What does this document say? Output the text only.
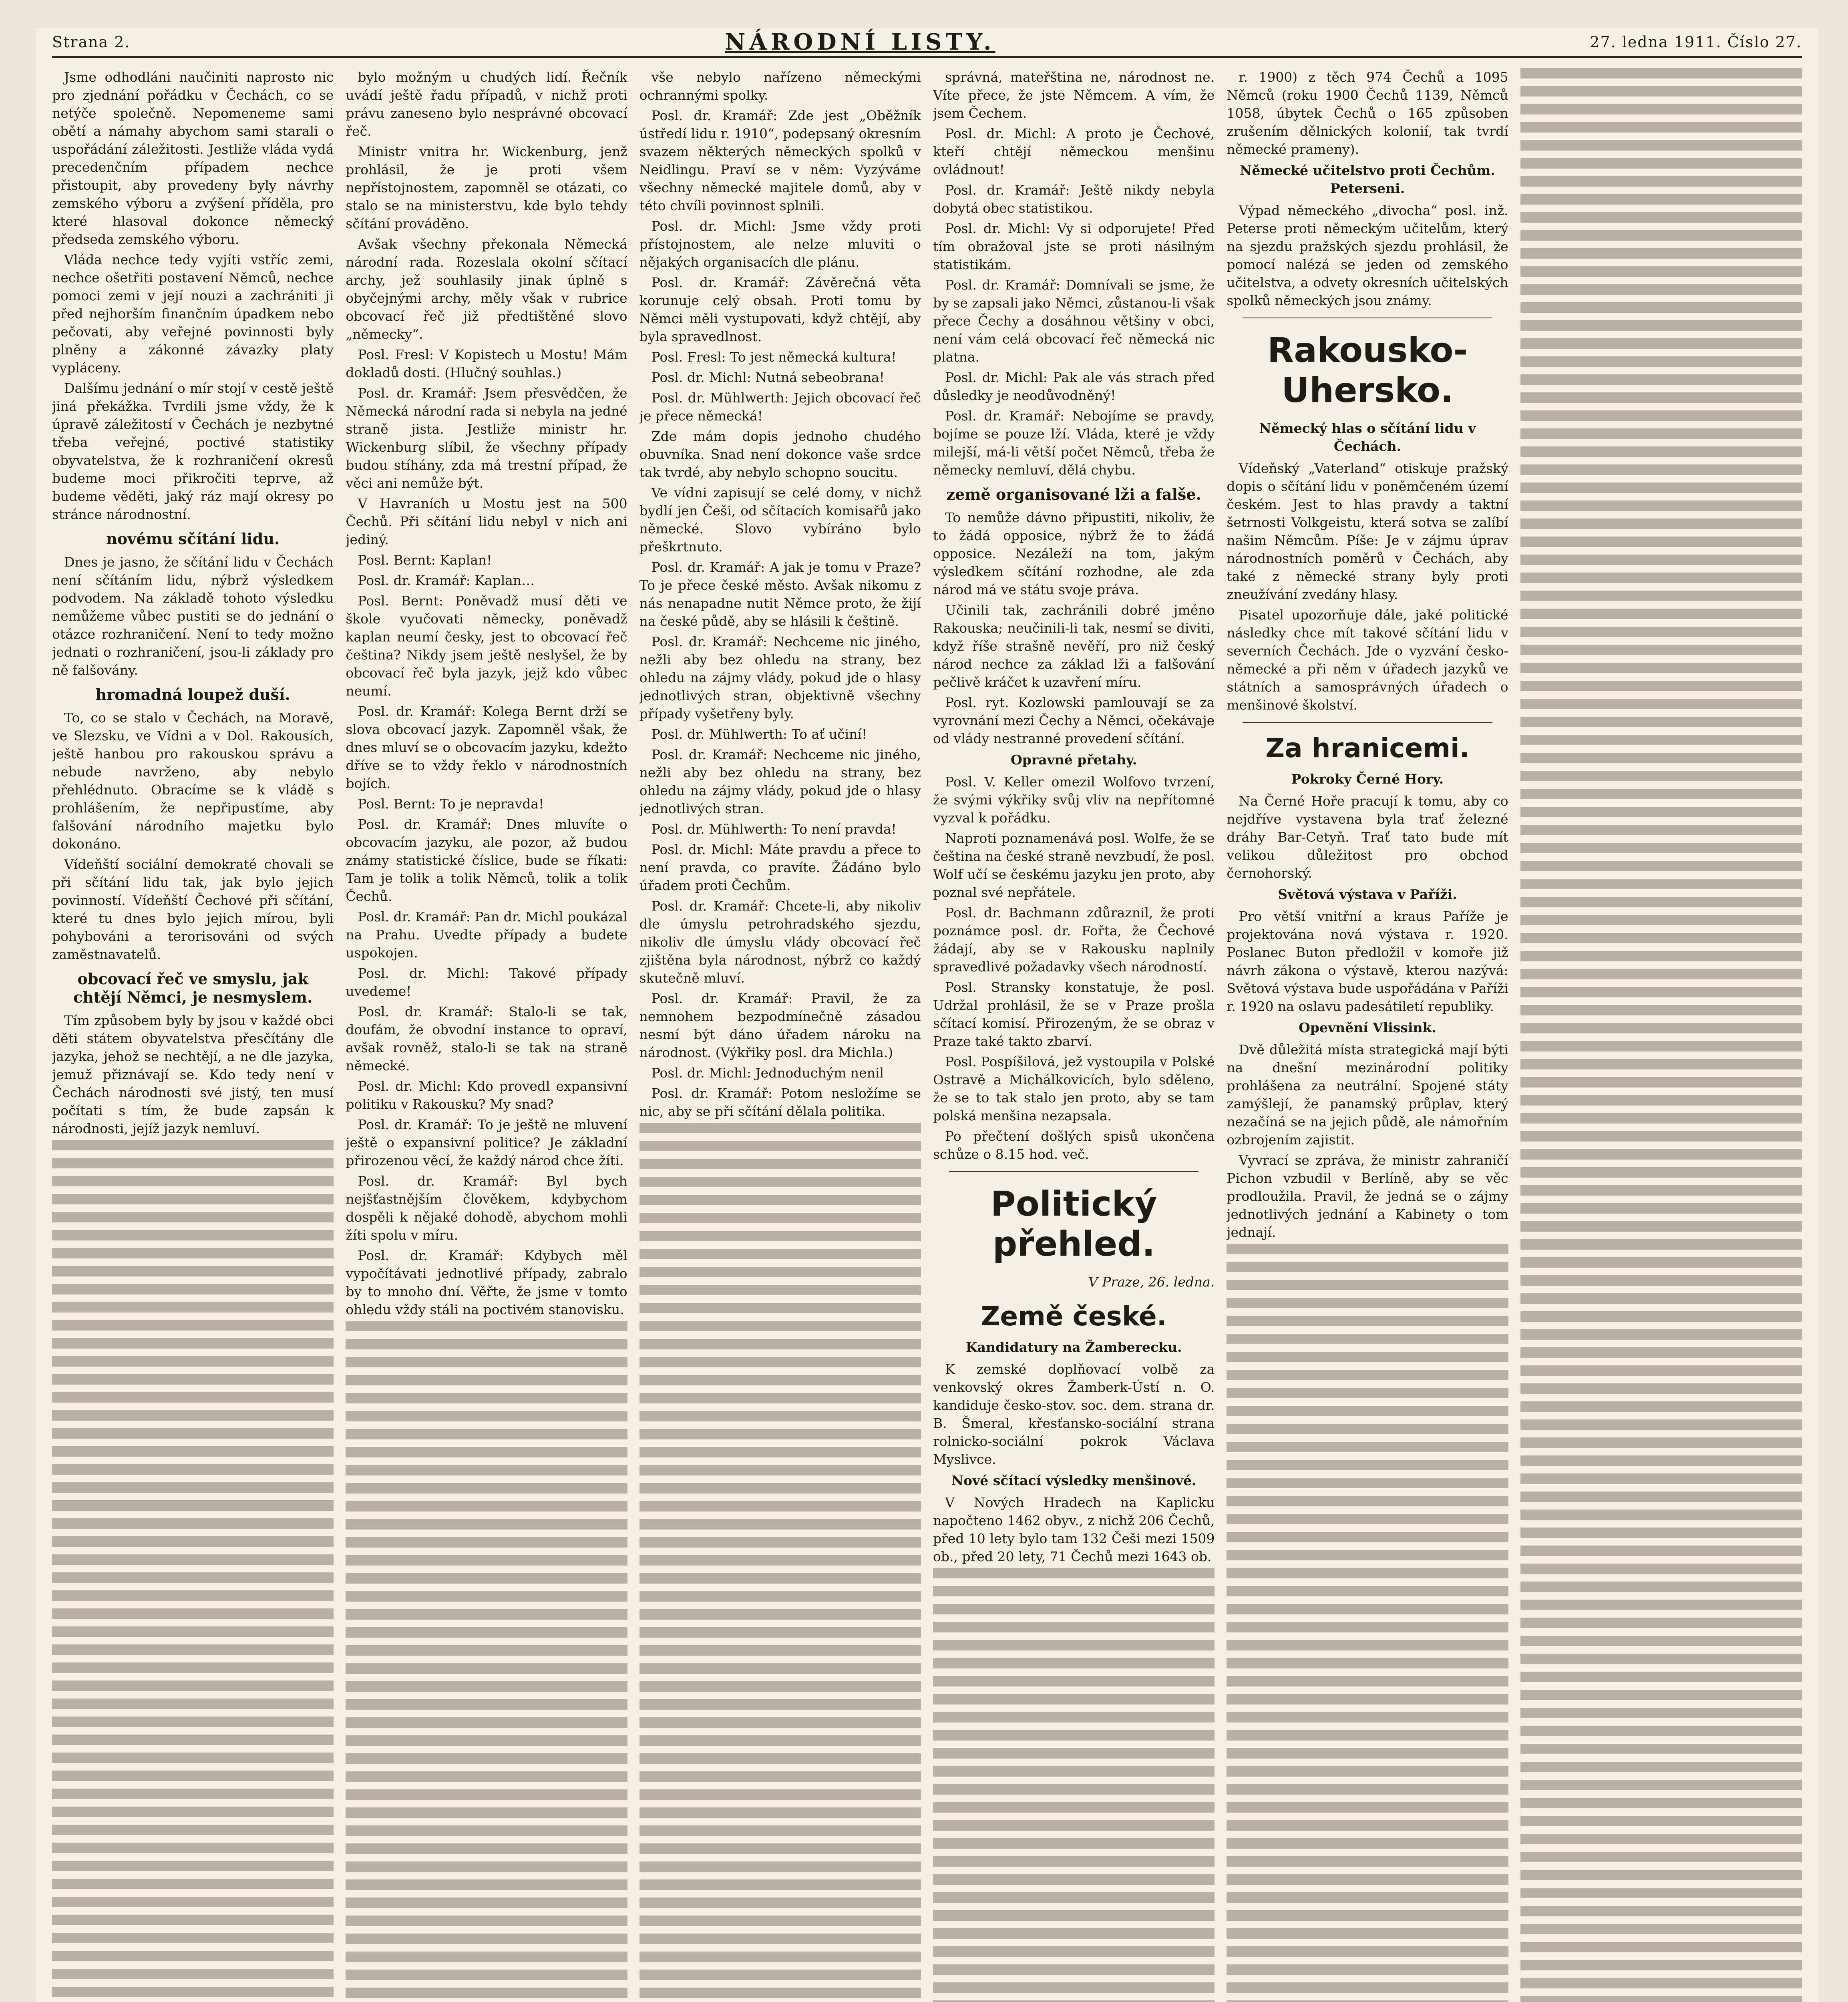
Strana 2.	NÁRODNÍ LISTY.	27. ledna 1911. Číslo 27.

Jsme odhodláni naučiniti naprosto nic pro zjednání pořádku v Čechách, co se netýče společně. Nepomeneme sami obětí a námahy abychom sami starali o uspořádání záležitosti. Jestliže vláda vydá precedenčním případem nechce přistoupit, aby provedeny byly návrhy zemského výboru a zvýšení příděla, pro které hlasoval dokonce německý předseda zemského výboru.

Vláda nechce tedy vyjíti vstříc zemi, nechce ošetřiti postavení Němců, nechce pomoci zemi v její nouzi a zachrániti ji před nejhorším finančním úpadkem nebo pečovati, aby veřejné povinnosti byly plněny a zákonné závazky platy vypláceny.

Dalšímu jednání o mír stojí v cestě ještě jiná překážka. Tvrdili jsme vždy, že k úpravě záležitostí v Čechách je nezbytné třeba veřejné, poctivé statistiky obyvatelstva, že k rozhraničení okresů budeme moci přikročiti teprve, až budeme věděti, jaký ráz mají okresy po stránce národnostní.

novému sčítání lidu.

Dnes je jasno, že sčítání lidu v Čechách není sčítáním lidu, nýbrž výsledkem podvodem. Na základě tohoto výsledku nemůžeme vůbec pustiti se do jednání o otázce rozhraničení. Není to tedy možno jednati o rozhraničení, jsou-li základy pro ně falšovány.

hromadná loupež duší.

To, co se stalo v Čechách, na Moravě, ve Slezsku, ve Vídni a v Dol. Rakousích, ještě hanbou pro rakouskou správu a nebude navrženo, aby nebylo přehlédnuto. Obracíme se k vládě s prohlášením, že nepřipustíme, aby falšování národního majetku bylo dokonáno.

Vídeňští sociální demokraté chovali se při sčítání lidu tak, jak bylo jejich povinností. Vídeňští Čechové při sčítání, které tu dnes bylo jejich mírou, byli pohybováni a terorisováni od svých zaměstnavatelů.

obcovací řeč ve smyslu, jak chtějí Němci, je nesmyslem.

Tím způsobem byly by jsou v každé obci děti státem obyvatelstva přesčítány dle jazyka, jehož se nechtějí, a ne dle jazyka, jemuž přiznávají se. Kdo tedy není v Čechách národnosti své jistý, ten musí počítati s tím, že bude zapsán k národnosti, jejíž jazyk nemluví.

bylo možným u chudých lidí. Řečník uvádí ještě řadu případů, v nichž proti právu zaneseno bylo nesprávné obcovací řeč.

Ministr vnitra hr. Wickenburg, jenž prohlásil, že je proti všem nepřístojnostem, zapomněl se otázati, co stalo se na ministerstvu, kde bylo tehdy sčítání prováděno.

Avšak všechny překonala Německá národní rada. Rozeslala okolní sčítací archy, jež souhlasily jinak úplně s obyčejnými archy, měly však v rubrice obcovací řeč již předtištěné slovo „německy“.

Posl. Fresl: V Kopistech u Mostu! Mám dokladů dosti. (Hlučný souhlas.)

Posl. dr. Kramář: Jsem přesvědčen, že Německá národní rada si nebyla na jedné straně jista. Jestliže ministr hr. Wickenburg slíbil, že všechny případy budou stíhány, zda má trestní případ, že věci ani nemůže být.

V Havraních u Mostu jest na 500 Čechů. Při sčítání lidu nebyl v nich ani jediný.

Posl. Bernt: Kaplan!

Posl. dr. Kramář: Kaplan…

Posl. Bernt: Poněvadž musí děti ve škole vyučovati německy, poněvadž kaplan neumí česky, jest to obcovací řeč čeština? Nikdy jsem ještě neslyšel, že by obcovací řeč byla jazyk, jejž kdo vůbec neumí.

Posl. dr. Kramář: Kolega Bernt drží se slova obcovací jazyk. Zapomněl však, že dnes mluví se o obcovacím jazyku, kdežto dříve se to vždy řeklo v národnostních bojích.

Posl. Bernt: To je nepravda!

Posl. dr. Kramář: Dnes mluvíte o obcovacím jazyku, ale pozor, až budou známy statistické číslice, bude se říkati: Tam je tolik a tolik Němců, tolik a tolik Čechů.

Posl. dr. Kramář: Pan dr. Michl poukázal na Prahu. Uvedte případy a budete uspokojen.

Posl. dr. Michl: Takové případy uvedeme!

Posl. dr. Kramář: Stalo-li se tak, doufám, že obvodní instance to opraví, avšak rovněž, stalo-li se tak na straně německé.

Posl. dr. Michl: Kdo provedl expansivní politiku v Rakousku? My snad?

Posl. dr. Kramář: To je ještě ne mluvení ještě o expansivní politice? Je základní přirozenou věcí, že každý národ chce žíti.

Posl. dr. Kramář: Byl bych nejšťastnějším člověkem, kdybychom dospěli k nějaké dohodě, abychom mohli žíti spolu v míru.

Posl. dr. Kramář: Kdybych měl vypočítávati jednotlivé případy, zabralo by to mnoho dní. Věřte, že jsme v tomto ohledu vždy stáli na poctivém stanovisku.

vše nebylo nařízeno německými ochrannými spolky.

Posl. dr. Kramář: Zde jest „Oběžník ústředí lidu r. 1910“, podepsaný okresním svazem některých německých spolků v Neidlingu. Praví se v něm: Vyzýváme všechny německé majitele domů, aby v této chvíli povinnost splnili.

Posl. dr. Michl: Jsme vždy proti přístojnostem, ale nelze mluviti o nějakých organisacích dle plánu.

Posl. dr. Kramář: Závěrečná věta korunuje celý obsah. Proti tomu by Němci měli vystupovati, když chtějí, aby byla spravedlnost.

Posl. Fresl: To jest německá kultura!

Posl. dr. Michl: Nutná sebeobrana!

Posl. dr. Mühlwerth: Jejich obcovací řeč je přece německá!

Zde mám dopis jednoho chudého obuvníka. Snad není dokonce vaše srdce tak tvrdé, aby nebylo schopno soucitu.

Ve vídni zapisují se celé domy, v nichž bydlí jen Češi, od sčítacích komisařů jako německé. Slovo vybíráno bylo přeškrtnuto.

Posl. dr. Kramář: A jak je tomu v Praze? To je přece české město. Avšak nikomu z nás nenapadne nutit Němce proto, že žijí na české půdě, aby se hlásili k češtině.

Posl. dr. Kramář: Nechceme nic jiného, nežli aby bez ohledu na strany, bez ohledu na zájmy vlády, pokud jde o hlasy jednotlivých stran, objektivně všechny případy vyšetřeny byly.

Posl. dr. Mühlwerth: To ať učiní!

Posl. dr. Kramář: Nechceme nic jiného, nežli aby bez ohledu na strany, bez ohledu na zájmy vlády, pokud jde o hlasy jednotlivých stran.

Posl. dr. Mühlwerth: To není pravda!

Posl. dr. Michl: Máte pravdu a přece to není pravda, co pravíte. Žádáno bylo úřadem proti Čechům.

Posl. dr. Kramář: Chcete-li, aby nikoliv dle úmyslu petrohradského sjezdu, nikoliv dle úmyslu vlády obcovací řeč zjištěna byla národnost, nýbrž co každý skutečně mluví.

Posl. dr. Kramář: Pravil, že za nemnohem bezpodmínečně zásadou nesmí být dáno úřadem nároku na národnost. (Výkřiky posl. dra Michla.)

Posl. dr. Michl: Jednoduchým nenil

Posl. dr. Kramář: Potom nesložíme se nic, aby se při sčítání dělala politika.

správná, mateřština ne, národnost ne. Víte přece, že jste Němcem. A vím, že jsem Čechem.

Posl. dr. Michl: A proto je Čechové, kteří chtějí německou menšinu ovládnout!

Posl. dr. Kramář: Ještě nikdy nebyla dobytá obec statistikou.

Posl. dr. Michl: Vy si odporujete! Před tím obražoval jste se proti násilným statistikám.

Posl. dr. Kramář: Domnívali se jsme, že by se zapsali jako Němci, zůstanou-li však přece Čechy a dosáhnou většiny v obci, není vám celá obcovací řeč německá nic platna.

Posl. dr. Michl: Pak ale vás strach před důsledky je neodůvodněný!

Posl. dr. Kramář: Nebojíme se pravdy, bojíme se pouze lží. Vláda, které je vždy milejší, má-li větší počet Němců, třeba že německy nemluví, dělá chybu.

země organisované lži a falše.

To nemůže dávno připustiti, nikoliv, že to žádá opposice, nýbrž že to žádá opposice. Nezáleží na tom, jakým výsledkem sčítání rozhodne, ale zda národ má ve státu svoje práva.

Učinili tak, zachránili dobré jméno Rakouska; neučinili-li tak, nesmí se diviti, když říše strašně nevěří, pro niž český národ nechce za základ lži a falšování pečlivě kráčet k uzavření míru.

Posl. ryt. Kozlowski pamlouvají se za vyrovnání mezi Čechy a Němci, očekávaje od vlády nestranné provedení sčítání.

Opravné přetahy.

Posl. V. Keller omezil Wolfovo tvrzení, že svými výkřiky svůj vliv na nepřítomné vyzval k pořádku.

Naproti poznamenává posl. Wolfe, že se čeština na české straně nevzbudí, že posl. Wolf učí se českému jazyku jen proto, aby poznal své nepřátele.

Posl. dr. Bachmann zdůraznil, že proti poznámce posl. dr. Fořta, že Čechové žádají, aby se v Rakousku naplnily spravedlivé požadavky všech národností.

Posl. Stransky konstatuje, že posl. Udržal prohlásil, že se v Praze prošla sčítací komisí. Přirozeným, že se obraz v Praze také takto zbarví.

Posl. Pospíšilová, jež vystoupila v Polské Ostravě a Michálkovicích, bylo sděleno, že se to tak stalo jen proto, aby se tam polská menšina nezapsala.

Po přečtení došlých spisů ukončena schůze o 8.15 hod. več.

Politický přehled.
V Praze, 26. ledna.
Země české.
Kandidatury na Žamberecku.

K zemské doplňovací volbě za venkovský okres Žamberk-Ústí n. O. kandiduje česko-stov. soc. dem. strana dr. B. Šmeral, křesťansko-sociální strana rolnicko-sociální pokrok Václava Myslivce.

Nové sčítací výsledky menšinové.

V Nových Hradech na Kaplicku napočteno 1462 obyv., z nichž 206 Čechů, před 10 lety bylo tam 132 Češi mezi 1509 ob., před 20 lety, 71 Čechů mezi 1643 ob.

r. 1900) z těch 974 Čechů a 1095 Němců (roku 1900 Čechů 1139, Němců 1058, úbytek Čechů o 165 způsoben zrušením dělnických kolonií, tak tvrdí německé prameny).

Německé učitelstvo proti Čechům. Peterseni.

Výpad německého „divocha“ posl. inž. Peterse proti německým učitelům, který na sjezdu pražských sjezdu prohlásil, že pomocí nalézá se jeden od zemského učitelstva, a odvety okresních učitelských spolků německých jsou známy.

Rakousko-Uhersko.
Německý hlas o sčítání lidu v Čechách.

Vídeňský „Vaterland“ otiskuje pražský dopis o sčítání lidu v poněmčeném území českém. Jest to hlas pravdy a taktní šetrnosti Volkgeistu, která sotva se zalíbí našim Němcům. Píše: Je v zájmu úprav národnostních poměrů v Čechách, aby také z německé strany byly proti zneužívání zvedány hlasy.

Pisatel upozorňuje dále, jaké politické následky chce mít takové sčítání lidu v severních Čechách. Jde o vyzvání česko-německé a při něm v úřadech jazyků ve státních a samosprávných úřadech o menšinové školství.

Za hranicemi.
Pokroky Černé Hory.

Na Černé Hoře pracují k tomu, aby co nejdříve vystavena byla trať železné dráhy Bar-Cetyň. Trať tato bude mít velikou důležitost pro obchod černohorský.

Světová výstava v Paříži.

Pro větší vnitřní a kraus Paříže je projektována nová výstava r. 1920. Poslanec Buton předložil v komoře již návrh zákona o výstavě, kterou nazývá: Světová výstava bude uspořádána v Paříži r. 1920 na oslavu padesátiletí republiky.

Opevnění Vlissink.

Dvě důležitá místa strategická mají býti na dnešní mezinárodní politiky prohlášena za neutrální. Spojené státy zamýšlejí, že panamský průplav, který nezačíná se na jejich půdě, ale námořním ozbrojením zajistit.

Vyvrací se zpráva, že ministr zahraničí Pichon vzbudil v Berlíně, aby se věc prodloužila. Pravil, že jedná se o zájmy jednotlivých jednání a Kabinety o tom jednají.
